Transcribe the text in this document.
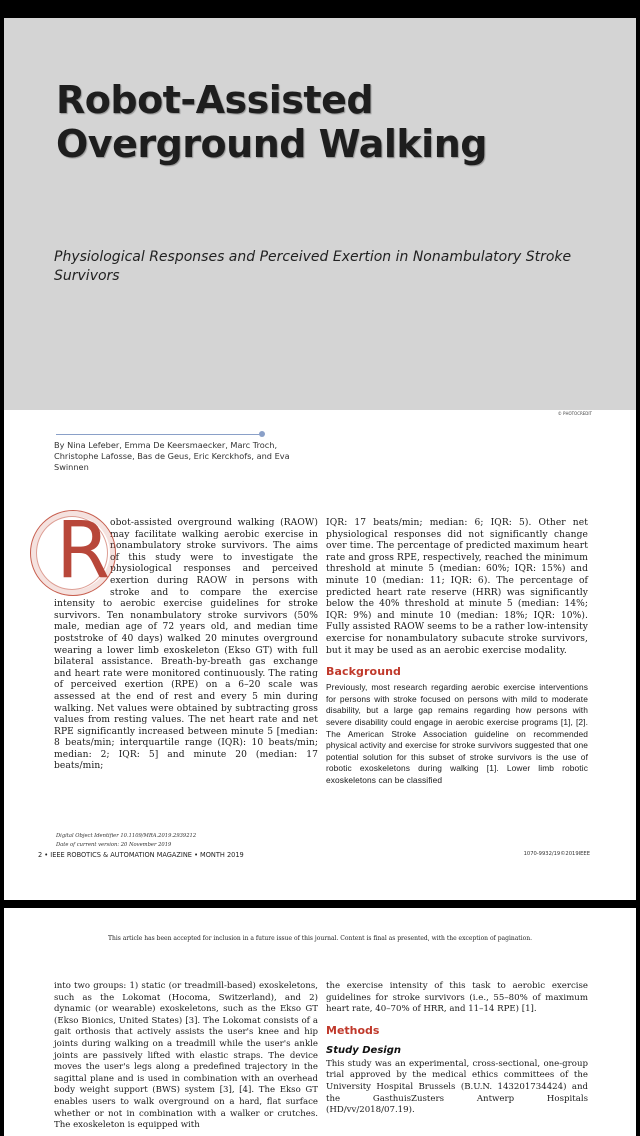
Robot-Assisted
Overground Walking
Physiological Responses and Perceived Exertion in Nonambulatory Stroke Survivors
© PHOTOCREDIT
By Nina Lefeber, Emma De Keersmaecker, Marc Troch, Christophe Lafosse, Bas de Geus, Eric Kerckhofs, and Eva Swinnen
R obot-assisted overground walking (RAOW) may facilitate walking aerobic exercise in nonambulatory stroke survivors. The aims of this study were to investigate the physiological responses and perceived exertion during RAOW in persons with stroke and to compare the exercise intensity to aerobic exercise guidelines for stroke survivors. Ten nonambulatory stroke survivors (50% male, median age of 72 years old, and median time poststroke of 40 days) walked 20 minutes overground wearing a lower limb exoskeleton (Ekso GT) with full bilateral assistance. Breath-by-breath gas exchange and heart rate were monitored continuously. The rating of perceived exertion (RPE) on a 6–20 scale was assessed at the end of rest and every 5 min during walking. Net values were obtained by subtracting gross values from resting values. The net heart rate and net RPE significantly increased between minute 5 [median: 8 beats/min; interquartile range (IQR): 10 beats/min; median: 2; IQR: 5] and minute 20 (median: 17 beats/min;

IQR: 17 beats/min; median: 6; IQR: 5). Other net physiological responses did not significantly change over time. The percentage of predicted maximum heart rate and gross RPE, respectively, reached the minimum threshold at minute 5 (median: 60%; IQR: 15%) and minute 10 (median: 11; IQR: 6). The percentage of predicted heart rate reserve (HRR) was significantly below the 40% threshold at minute 5 (median: 14%; IQR: 9%) and minute 10 (median: 18%; IQR: 10%). Fully assisted RAOW seems to be a rather low-intensity exercise for nonambulatory subacute stroke survivors, but it may be used as an aerobic exercise modality.

Background

Previously, most research regarding aerobic exercise interventions for persons with stroke focused on persons with mild to moderate disability, but a large gap remains regarding how persons with severe disability could engage in aerobic exercise programs [1], [2]. The American Stroke Association guideline on recommended physical activity and exercise for stroke survivors suggested that one potential solution for this subset of stroke survivors is the use of robotic exoskeletons during walking [1]. Lower limb robotic exoskeletons can be classified

Digital Object Identifier 10.1109/MRA.2019.2939212
Date of current version: 20 November 2019
2 • IEEE ROBOTICS & AUTOMATION MAGAZINE • MONTH 2019	1070-9932/19©2019IEEE
This article has been accepted for inclusion in a future issue of this journal. Content is final as presented, with the exception of pagination.

into two groups: 1) static (or treadmill-based) exoskeletons, such as the Lokomat (Hocoma, Switzerland), and 2) dynamic (or wearable) exoskeletons, such as the Ekso GT (Ekso Bionics, United States) [3]. The Lokomat consists of a gait orthosis that actively assists the user's knee and hip joints during walking on a treadmill while the user's ankle joints are passively lifted with elastic straps. The device moves the user's legs along a predefined trajectory in the sagittal plane and is used in combination with an overhead body weight support (BWS) system [3], [4]. The Ekso GT enables users to walk overground on a hard, flat surface whether or not in combination with a walker or crutches. The exoskeleton is equipped with

the exercise intensity of this task to aerobic exercise guidelines for stroke survivors (i.e., 55–80% of maximum heart rate, 40–70% of HRR, and 11–14 RPE) [1].

Methods
Study Design

This study was an experimental, cross-sectional, one-group trial approved by the medical ethics committees of the University Hospital Brussels (B.U.N. 143201734424) and the GasthuisZusters Antwerp Hospitals (HD/vv/2018/07.19).
